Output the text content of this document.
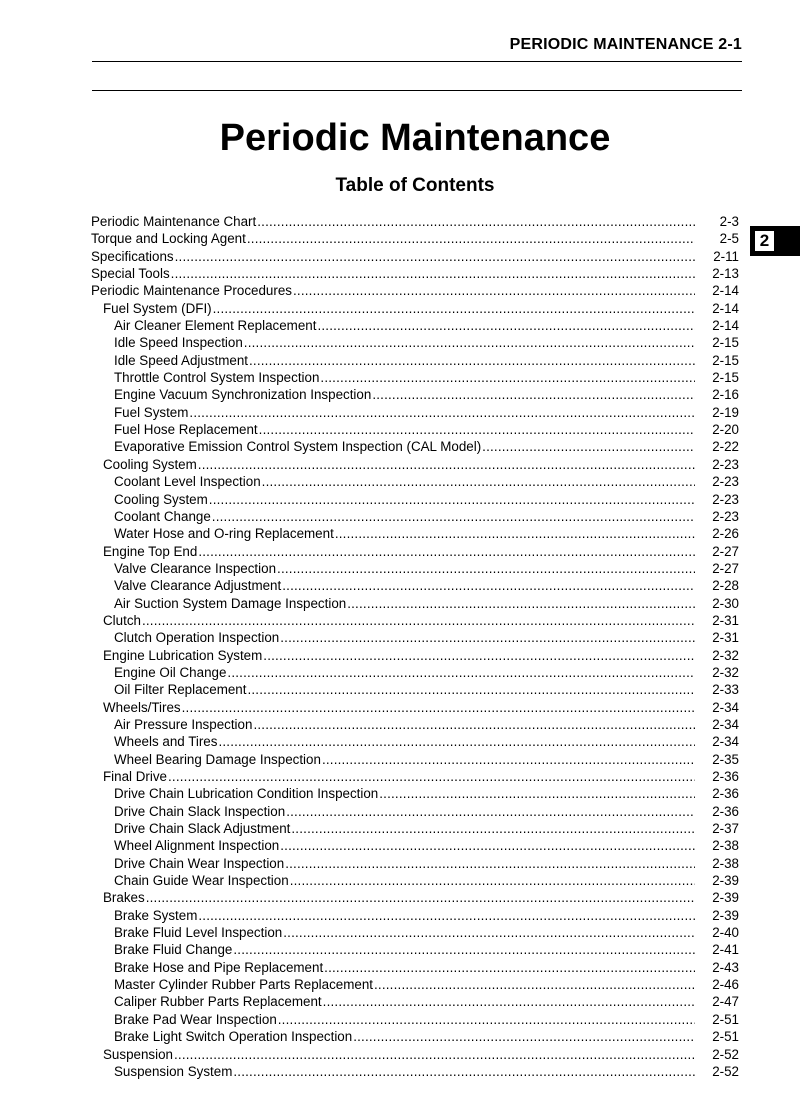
PERIODIC MAINTENANCE 2-1
Periodic Maintenance
Table of Contents
2
Periodic Maintenance Chart .....	2-3
Torque and Locking Agent .....	2-5
Specifications .....	2-11
Special Tools .....	2-13
Periodic Maintenance Procedures .....	2-14
Fuel System (DFI) .....	2-14
Air Cleaner Element Replacement .....	2-14
Idle Speed Inspection .....	2-15
Idle Speed Adjustment .....	2-15
Throttle Control System Inspection .....	2-15
Engine Vacuum Synchronization Inspection .....	2-16
Fuel System .....	2-19
Fuel Hose Replacement .....	2-20
Evaporative Emission Control System Inspection (CAL Model) .....	2-22
Cooling System .....	2-23
Coolant Level Inspection .....	2-23
Cooling System .....	2-23
Coolant Change .....	2-23
Water Hose and O-ring Replacement .....	2-26
Engine Top End .....	2-27
Valve Clearance Inspection .....	2-27
Valve Clearance Adjustment .....	2-28
Air Suction System Damage Inspection .....	2-30
Clutch .....	2-31
Clutch Operation Inspection .....	2-31
Engine Lubrication System .....	2-32
Engine Oil Change .....	2-32
Oil Filter Replacement .....	2-33
Wheels/Tires .....	2-34
Air Pressure Inspection .....	2-34
Wheels and Tires .....	2-34
Wheel Bearing Damage Inspection .....	2-35
Final Drive .....	2-36
Drive Chain Lubrication Condition Inspection .....	2-36
Drive Chain Slack Inspection .....	2-36
Drive Chain Slack Adjustment .....	2-37
Wheel Alignment Inspection .....	2-38
Drive Chain Wear Inspection .....	2-38
Chain Guide Wear Inspection .....	2-39
Brakes .....	2-39
Brake System .....	2-39
Brake Fluid Level Inspection .....	2-40
Brake Fluid Change .....	2-41
Brake Hose and Pipe Replacement .....	2-43
Master Cylinder Rubber Parts Replacement .....	2-46
Caliper Rubber Parts Replacement .....	2-47
Brake Pad Wear Inspection .....	2-51
Brake Light Switch Operation Inspection .....	2-51
Suspension .....	2-52
Suspension System .....	2-52
